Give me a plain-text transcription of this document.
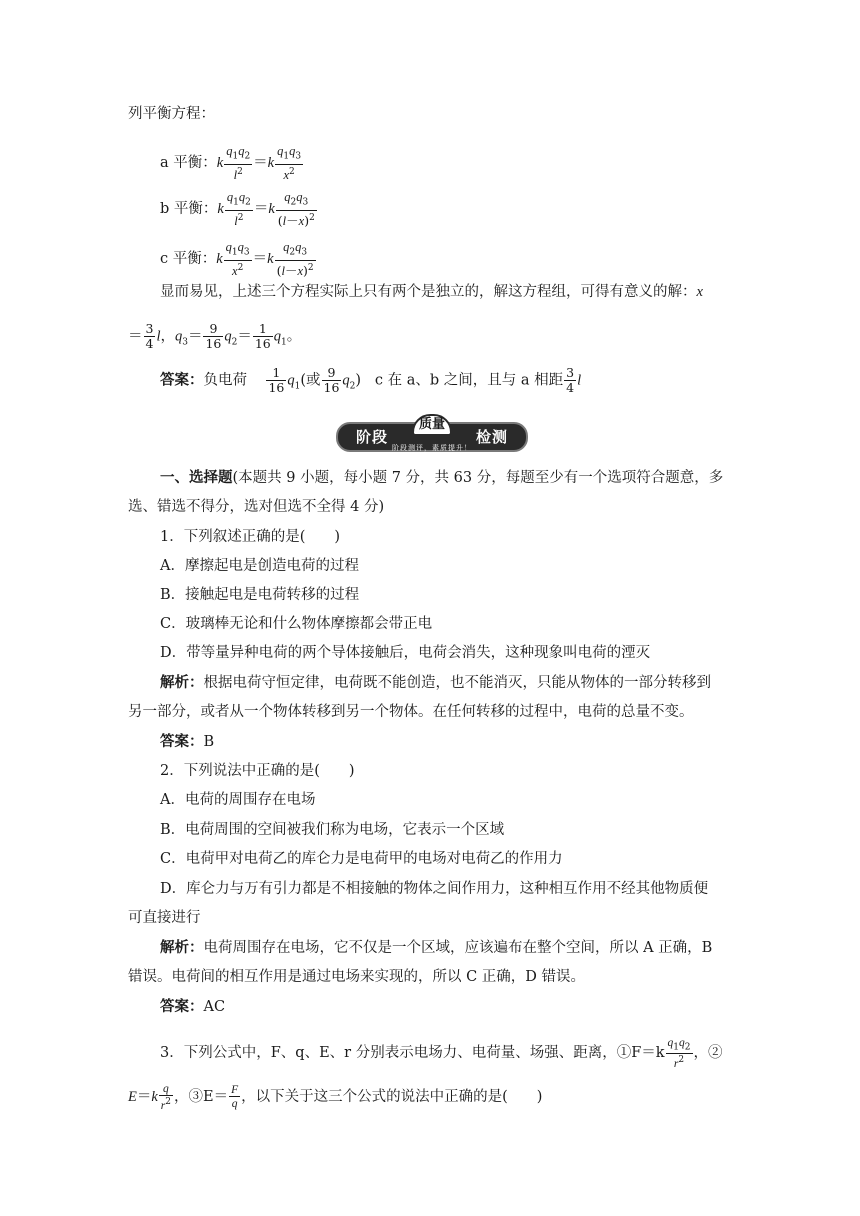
列平衡方程：
a 平衡：k $\frac{q_1q_2}{l^2} =k \frac{q_1q_3}{x^2}$
b 平衡：k $\frac{q_1q_2}{l^2} =k \frac{q_2q_3}{(l-x)^2}$
c 平衡：k $\frac{q_1q_3}{x^2} =k \frac{q_2q_3}{(l-x)^2}$
显而易见，上述三个方程实际上只有两个是独立的，解这方程组，可得有意义的解：x
＝ $\frac{3}{4}$ l，$q_3= \frac{9}{16} q_2= \frac{1}{16} q_1$。
答案：负电荷 $\frac{1}{16} q_1$(或 $\frac{9}{16} q_2$)   c 在 a、b 之间，且与 a 相距 $\frac{3}{4}$ l
阶段	检测
质量
阶段测评，素质提升！
一、选择题(本题共 9 小题，每小题 7 分，共 63 分，每题至少有一个选项符合题意，多
选、错选不得分，选对但选不全得 4 分)
1．下列叙述正确的是(　　)
A．摩擦起电是创造电荷的过程
B．接触起电是电荷转移的过程
C．玻璃棒无论和什么物体摩擦都会带正电
D．带等量异种电荷的两个导体接触后，电荷会消失，这种现象叫电荷的湮灭
解析：根据电荷守恒定律，电荷既不能创造，也不能消灭，只能从物体的一部分转移到
另一部分，或者从一个物体转移到另一个物体。在任何转移的过程中，电荷的总量不变。
答案：B
2．下列说法中正确的是(　　)
A．电荷的周围存在电场
B．电荷周围的空间被我们称为电场，它表示一个区域
C．电荷甲对电荷乙的库仑力是电荷甲的电场对电荷乙的作用力
D．库仑力与万有引力都是不相接触的物体之间作用力，这种相互作用不经其他物质便
可直接进行
解析：电荷周围存在电场，它不仅是一个区域，应该遍布在整个空间，所以 A 正确，B
错误。电荷间的相互作用是通过电场来实现的，所以 C 正确，D 错误。
答案：AC
3．下列公式中，F、q、E、r 分别表示电场力、电荷量、场强、距离，①F＝k $\frac{q_1q_2}{r^2}$ ，②
$E=k \frac{q}{r^2}$ ，③E＝ $\frac{F}{q}$ ，以下关于这三个公式的说法中正确的是(　　)
